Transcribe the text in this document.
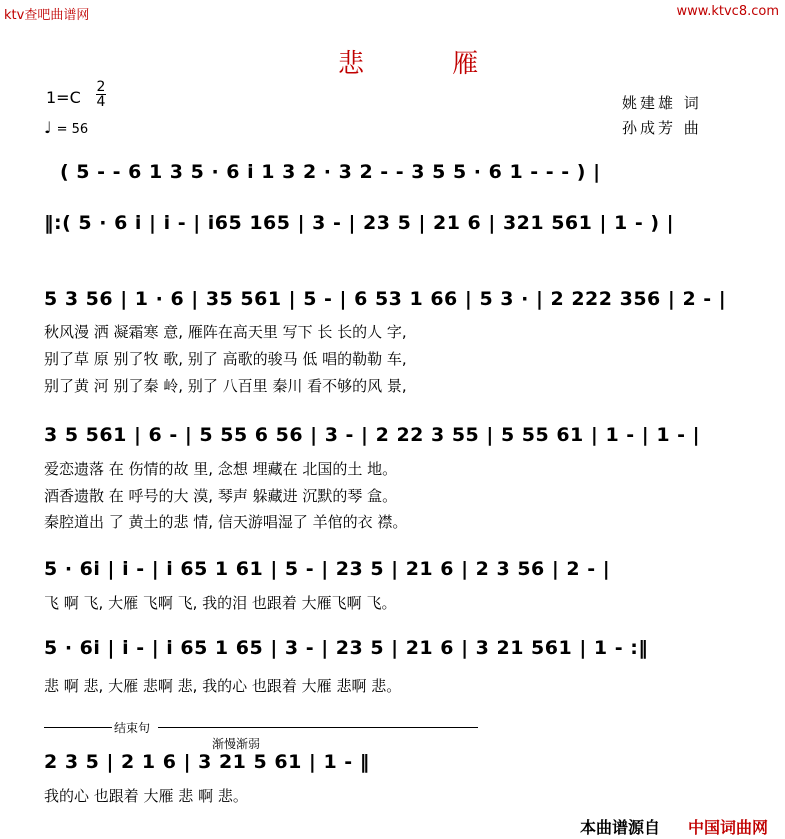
ktv查吧曲谱网	www.ktvc8.com
悲 雁
1=C
2
4
♩ = 56
姚建雄 词
孙成芳 曲
( 5 - - 6 1 3 5 · 6 i 1 3 2 · 3 2 - - 3 5 5 · 6 1 - - - ) |
‖:( 5 · 6 i | i - | i65 165 | 3 - | 23 5 | 21 6 | 321 561 | 1 - ) |
5 3 56 | 1 · 6 | 35 561 | 5 - | 6 53 1 66 | 5 3 · | 2 222 356 | 2 - |
秋风漫 洒 凝霜寒 意, 雁阵在高天里 写下 长 长的人 字,
别了草 原 别了牧 歌, 别了 高歌的骏马 低 唱的勒勒 车,
别了黄 河 别了秦 岭, 别了 八百里 秦川 看不够的风 景,
3 5 561 | 6 - | 5 55 6 56 | 3 - | 2 22 3 55 | 5 55 61 | 1 - | 1 - |
爱恋遗落 在 伤情的故 里, 念想 埋藏在 北国的土 地。
酒香遗散 在 呼号的大 漠, 琴声 躲藏进 沉默的琴 盒。
秦腔道出 了 黄土的悲 情, 信天游唱湿了 羊倌的衣 襟。
5 · 6i | i - | i 65 1 61 | 5 - | 23 5 | 21 6 | 2 3 56 | 2 - |
飞 啊 飞, 大雁 飞啊 飞, 我的泪 也跟着 大雁飞啊 飞。
5 · 6i | i - | i 65 1 65 | 3 - | 23 5 | 21 6 | 3 21 561 | 1 - :‖
悲 啊 悲, 大雁 悲啊 悲, 我的心 也跟着 大雁 悲啊 悲。
结束句
渐慢渐弱
2 3 5 | 2 1 6 | 3 21 5 61 | 1 - ‖
我的心 也跟着 大雁 悲 啊 悲。
本曲谱源自 中国词曲网
